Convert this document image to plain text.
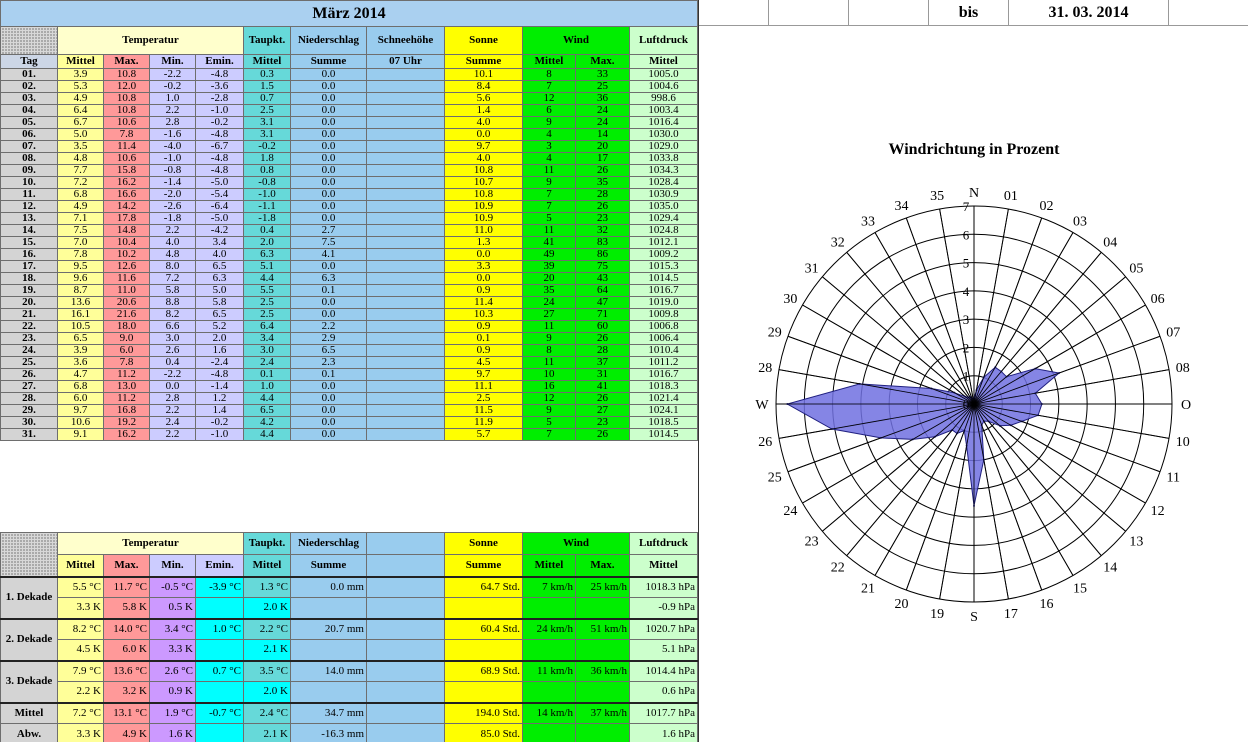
März 2014											
	Temperatur				Taupkt.	Niederschlag	Schneehöhe	Sonne	Wind		Luftdruck
Tag	Mittel	Max.	Min.	Emin.	Mittel	Summe	07 Uhr	Summe	Mittel	Max.	Mittel
01.	3.9	10.8	-2.2	-4.8	0.3	0.0		10.1	8	33	1005.0
02.	5.3	12.0	-0.2	-3.6	1.5	0.0		8.4	7	25	1004.6
03.	4.9	10.8	1.0	-2.8	0.7	0.0		5.6	12	36	998.6
04.	6.4	10.8	2.2	-1.0	2.5	0.0		1.4	6	24	1003.4
05.	6.7	10.6	2.8	-0.2	3.1	0.0		4.0	9	24	1016.4
06.	5.0	7.8	-1.6	-4.8	3.1	0.0		0.0	4	14	1030.0
07.	3.5	11.4	-4.0	-6.7	-0.2	0.0		9.7	3	20	1029.0
08.	4.8	10.6	-1.0	-4.8	1.8	0.0		4.0	4	17	1033.8
09.	7.7	15.8	-0.8	-4.8	0.8	0.0		10.8	11	26	1034.3
10.	7.2	16.2	-1.4	-5.0	-0.8	0.0		10.7	9	35	1028.4
11.	6.8	16.6	-2.0	-5.4	-1.0	0.0		10.8	7	28	1030.9
12.	4.9	14.2	-2.6	-6.4	-1.1	0.0		10.9	7	26	1035.0
13.	7.1	17.8	-1.8	-5.0	-1.8	0.0		10.9	5	23	1029.4
14.	7.5	14.8	2.2	-4.2	0.4	2.7		11.0	11	32	1024.8
15.	7.0	10.4	4.0	3.4	2.0	7.5		1.3	41	83	1012.1
16.	7.8	10.2	4.8	4.0	6.3	4.1		0.0	49	86	1009.2
17.	9.5	12.6	8.0	6.5	5.1	0.0		3.3	39	75	1015.3
18.	9.6	11.6	7.2	6.3	4.4	6.3		0.0	20	43	1014.5
19.	8.7	11.0	5.8	5.0	5.5	0.1		0.9	35	64	1016.7
20.	13.6	20.6	8.8	5.8	2.5	0.0		11.4	24	47	1019.0
21.	16.1	21.6	8.2	6.5	2.5	0.0		10.3	27	71	1009.8
22.	10.5	18.0	6.6	5.2	6.4	2.2		0.9	11	60	1006.8
23.	6.5	9.0	3.0	2.0	3.4	2.9		0.1	9	26	1006.4
24.	3.9	6.0	2.6	1.6	3.0	6.5		0.9	8	28	1010.4
25.	3.6	7.8	0.4	-2.4	2.4	2.3		4.5	11	37	1011.2
26.	4.7	11.2	-2.2	-4.8	0.1	0.1		9.7	10	31	1016.7
27.	6.8	13.0	0.0	-1.4	1.0	0.0		11.1	16	41	1018.3
28.	6.0	11.2	2.8	1.2	4.4	0.0		2.5	12	26	1021.4
29.	9.7	16.8	2.2	1.4	6.5	0.0		11.5	9	27	1024.1
30.	10.6	19.2	2.4	-0.2	4.2	0.0		11.9	5	23	1018.5
31.	9.1	16.2	2.2	-1.0	4.4	0.0		5.7	7	26	1014.5

	Temperatur				Taupkt.	Niederschlag		Sonne	Wind		Luftdruck
	Mittel	Max.	Min.	Emin.	Mittel	Summe		Summe	Mittel	Max.	Mittel
1. Dekade	5.5 °C	11.7 °C	-0.5 °C	-3.9 °C	1.3 °C	0.0 mm		64.7 Std.	7 km/h	25 km/h	1018.3 hPa
	3.3 K	5.8 K	0.5 K		2.0 K						-0.9 hPa
2. Dekade	8.2 °C	14.0 °C	3.4 °C	1.0 °C	2.2 °C	20.7 mm		60.4 Std.	24 km/h	51 km/h	1020.7 hPa
	4.5 K	6.0 K	3.3 K		2.1 K						5.1 hPa
3. Dekade	7.9 °C	13.6 °C	2.6 °C	0.7 °C	3.5 °C	14.0 mm		68.9 Std.	11 km/h	36 km/h	1014.4 hPa
	2.2 K	3.2 K	0.9 K		2.0 K						0.6 hPa
Mittel	7.2 °C	13.1 °C	1.9 °C	-0.7 °C	2.4 °C	34.7 mm		194.0 Std.	14 km/h	37 km/h	1017.7 hPa
Abw.	3.3 K	4.9 K	1.6 K		2.1 K	-16.3 mm		85.0 Std.			1.6 hPa
bis	31. 03. 2014
Windrichtung in Prozent
0
1
2
3
4
5
6
7
N 01
02
03
04
05
06
07
08
O
10
11
12
13
14
15
16
17
S
19
20
21
22
23
24
25
26
W
28
29
30
31
32
33
34
35
